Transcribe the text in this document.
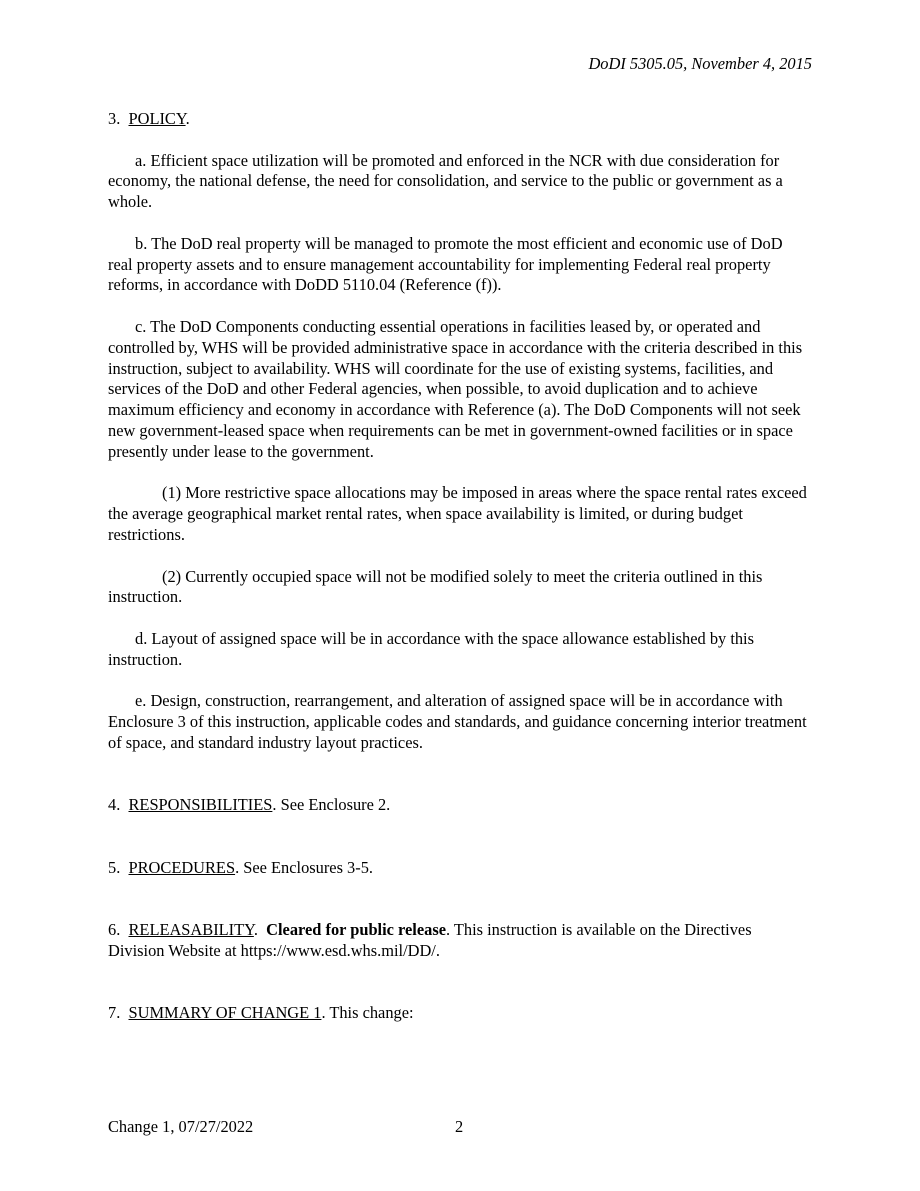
DoDI 5305.05, November 4, 2015

3. POLICY.

a. Efficient space utilization will be promoted and enforced in the NCR with due consideration for economy, the national defense, the need for consolidation, and service to the public or government as a whole.

b. The DoD real property will be managed to promote the most efficient and economic use of DoD real property assets and to ensure management accountability for implementing Federal real property reforms, in accordance with DoDD 5110.04 (Reference (f)).

c. The DoD Components conducting essential operations in facilities leased by, or operated and controlled by, WHS will be provided administrative space in accordance with the criteria described in this instruction, subject to availability. WHS will coordinate for the use of existing systems, facilities, and services of the DoD and other Federal agencies, when possible, to avoid duplication and to achieve maximum efficiency and economy in accordance with Reference (a). The DoD Components will not seek new government-leased space when requirements can be met in government-owned facilities or in space presently under lease to the government.

(1) More restrictive space allocations may be imposed in areas where the space rental rates exceed the average geographical market rental rates, when space availability is limited, or during budget restrictions.

(2) Currently occupied space will not be modified solely to meet the criteria outlined in this instruction.

d. Layout of assigned space will be in accordance with the space allowance established by this instruction.

e. Design, construction, rearrangement, and alteration of assigned space will be in accordance with Enclosure 3 of this instruction, applicable codes and standards, and guidance concerning interior treatment of space, and standard industry layout practices.

4. RESPONSIBILITIES. See Enclosure 2.

5. PROCEDURES. See Enclosures 3-5.

6. RELEASABILITY.  Cleared for public release. This instruction is available on the Directives Division Website at https://www.esd.whs.mil/DD/.

7. SUMMARY OF CHANGE 1. This change:

Change 1, 07/27/2022	2
